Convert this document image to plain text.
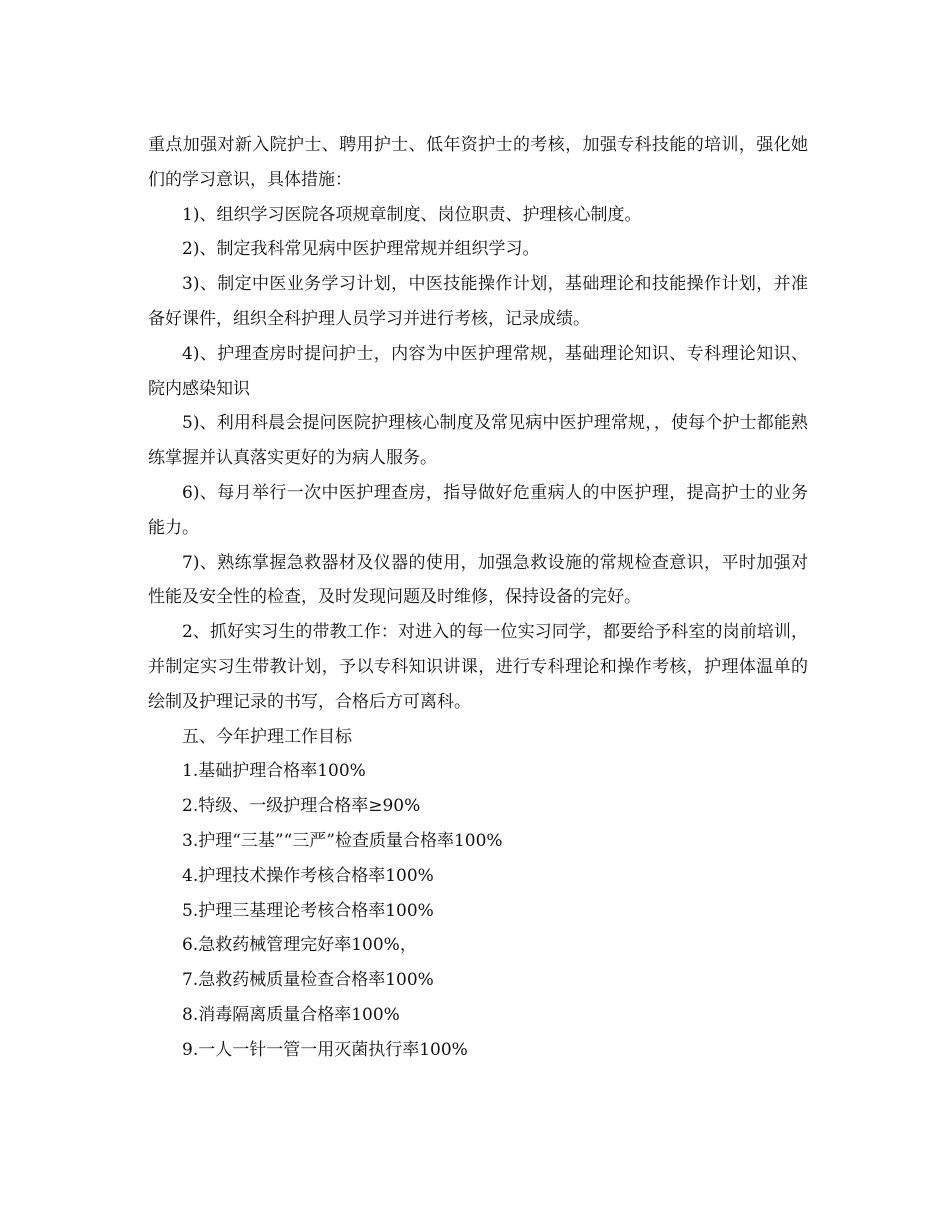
重点加强对新入院护士、聘用护士、低年资护士的考核，加强专科技能的培训，强化她们的学习意识，具体措施：

1)、组织学习医院各项规章制度、岗位职责、护理核心制度。

2)、制定我科常见病中医护理常规并组织学习。

3)、制定中医业务学习计划，中医技能操作计划，基础理论和技能操作计划，并准备好课件，组织全科护理人员学习并进行考核，记录成绩。

4)、护理查房时提问护士，内容为中医护理常规，基础理论知识、专科理论知识、院内感染知识

5)、利用科晨会提问医院护理核心制度及常见病中医护理常规，，使每个护士都能熟练掌握并认真落实更好的为病人服务。

6)、每月举行一次中医护理查房，指导做好危重病人的中医护理，提高护士的业务能力。

7)、熟练掌握急救器材及仪器的使用，加强急救设施的常规检查意识，平时加强对性能及安全性的检查，及时发现问题及时维修，保持设备的完好。

2、抓好实习生的带教工作：对进入的每一位实习同学，都要给予科室的岗前培训，并制定实习生带教计划，予以专科知识讲课，进行专科理论和操作考核，护理体温单的绘制及护理记录的书写，合格后方可离科。

五、今年护理工作目标

1.基础护理合格率100%

2.特级、一级护理合格率≥90%

3.护理“三基”“三严”检查质量合格率100%

4.护理技术操作考核合格率100%

5.护理三基理论考核合格率100%

6.急救药械管理完好率100%，

7.急救药械质量检查合格率100%

8.消毒隔离质量合格率100%

9.一人一针一管一用灭菌执行率100%
